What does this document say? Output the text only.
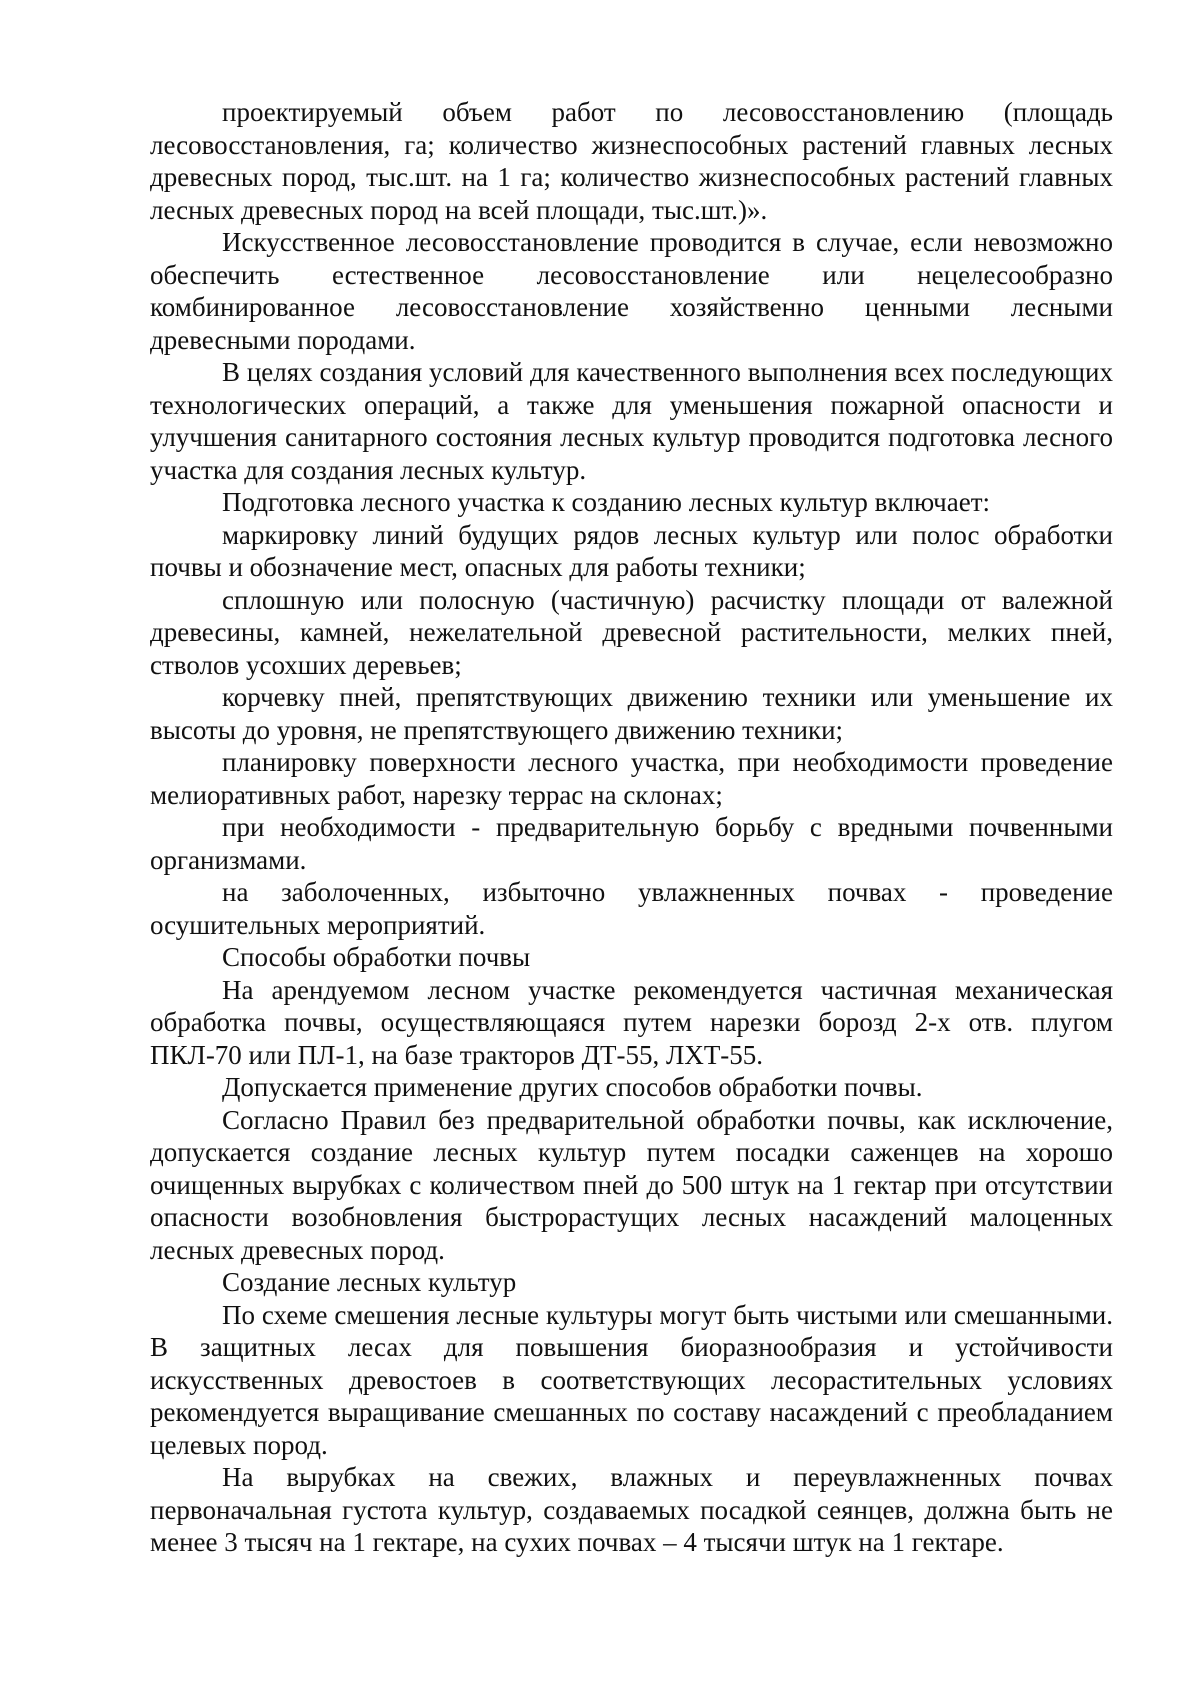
проектируемый объем работ по лесовосстановлению (площадь лесовосстановления, га; количество жизнеспособных растений главных лесных древесных пород, тыс.шт. на 1 га; количество жизнеспособных растений главных лесных древесных пород на всей площади, тыс.шт.)».

Искусственное лесовосстановление проводится в случае, если невозможно обеспечить естественное лесовосстановление или нецелесообразно комбинированное лесовосстановление хозяйственно ценными лесными древесными породами.

В целях создания условий для качественного выполнения всех последующих технологических операций, а также для уменьшения пожарной опасности и улучшения санитарного состояния лесных культур проводится подготовка лесного участка для создания лесных культур.

Подготовка лесного участка к созданию лесных культур включает:

маркировку линий будущих рядов лесных культур или полос обработки почвы и обозначение мест, опасных для работы техники;

сплошную или полосную (частичную) расчистку площади от валежной древесины, камней, нежелательной древесной растительности, мелких пней, стволов усохших деревьев;

корчевку пней, препятствующих движению техники или уменьшение их высоты до уровня, не препятствующего движению техники;

планировку поверхности лесного участка, при необходимости проведение мелиоративных работ, нарезку террас на склонах;

при необходимости - предварительную борьбу с вредными почвенными организмами.

на заболоченных, избыточно увлажненных почвах - проведение осушительных мероприятий.

Способы обработки почвы

На арендуемом лесном участке рекомендуется частичная механическая обработка почвы, осуществляющаяся путем нарезки борозд 2-х отв. плугом ПКЛ-70 или ПЛ-1, на базе тракторов ДТ-55, ЛХТ-55.

Допускается применение других способов обработки почвы.

Согласно Правил без предварительной обработки почвы, как исключение, допускается создание лесных культур путем посадки саженцев на хорошо очищенных вырубках с количеством пней до 500 штук на 1 гектар при отсутствии опасности возобновления быстрорастущих лесных насаждений малоценных лесных древесных пород.

Создание лесных культур

По схеме смешения лесные культуры могут быть чистыми или смешанными. В защитных лесах для повышения биоразнообразия и устойчивости искусственных древостоев в соответствующих лесорастительных условиях рекомендуется выращивание смешанных по составу насаждений с преобладанием целевых пород.

На вырубках на свежих, влажных и переувлажненных почвах первоначальная густота культур, создаваемых посадкой сеянцев, должна быть не менее 3 тысяч на 1 гектаре, на сухих почвах – 4 тысячи штук на 1 гектаре.
